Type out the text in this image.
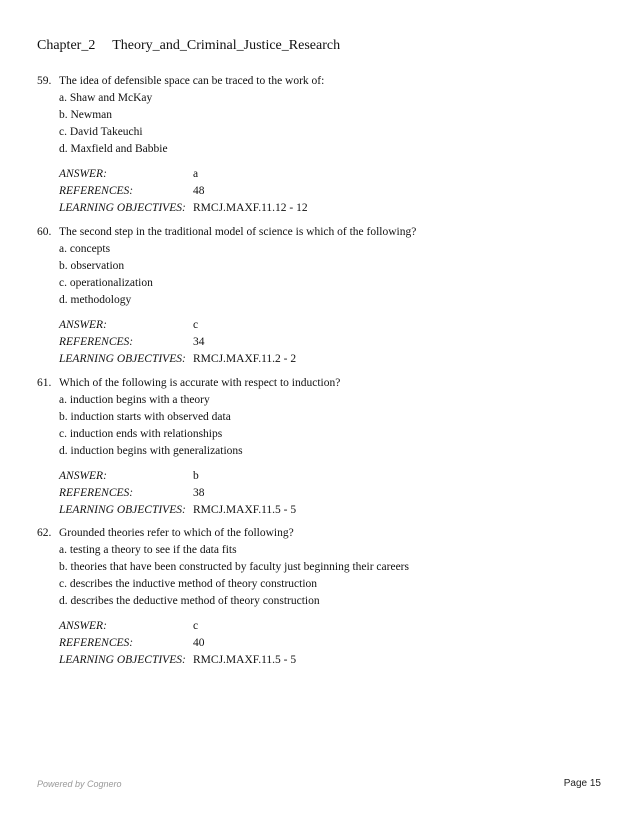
Chapter_2 Theory_and_Criminal_Justice_Research
59. The idea of defensible space can be traced to the work of:
a. Shaw and McKay
b. Newman
c. David Takeuchi
d. Maxfield and Babbie
ANSWER:	a
REFERENCES:	48
LEARNING OBJECTIVES: RMCJ.MAXF.11.12 - 12
60. The second step in the traditional model of science is which of the following?
a. concepts
b. observation
c. operationalization
d. methodology
ANSWER:	c
REFERENCES:	34
LEARNING OBJECTIVES: RMCJ.MAXF.11.2 - 2
61. Which of the following is accurate with respect to induction?
a. induction begins with a theory
b. induction starts with observed data
c. induction ends with relationships
d. induction begins with generalizations
ANSWER:	b
REFERENCES:	38
LEARNING OBJECTIVES: RMCJ.MAXF.11.5 - 5
62. Grounded theories refer to which of the following?
a. testing a theory to see if the data fits
b. theories that have been constructed by faculty just beginning their careers
c. describes the inductive method of theory construction
d. describes the deductive method of theory construction
ANSWER:	c
REFERENCES:	40
LEARNING OBJECTIVES: RMCJ.MAXF.11.5 - 5
Powered by Cognero	Page 15
